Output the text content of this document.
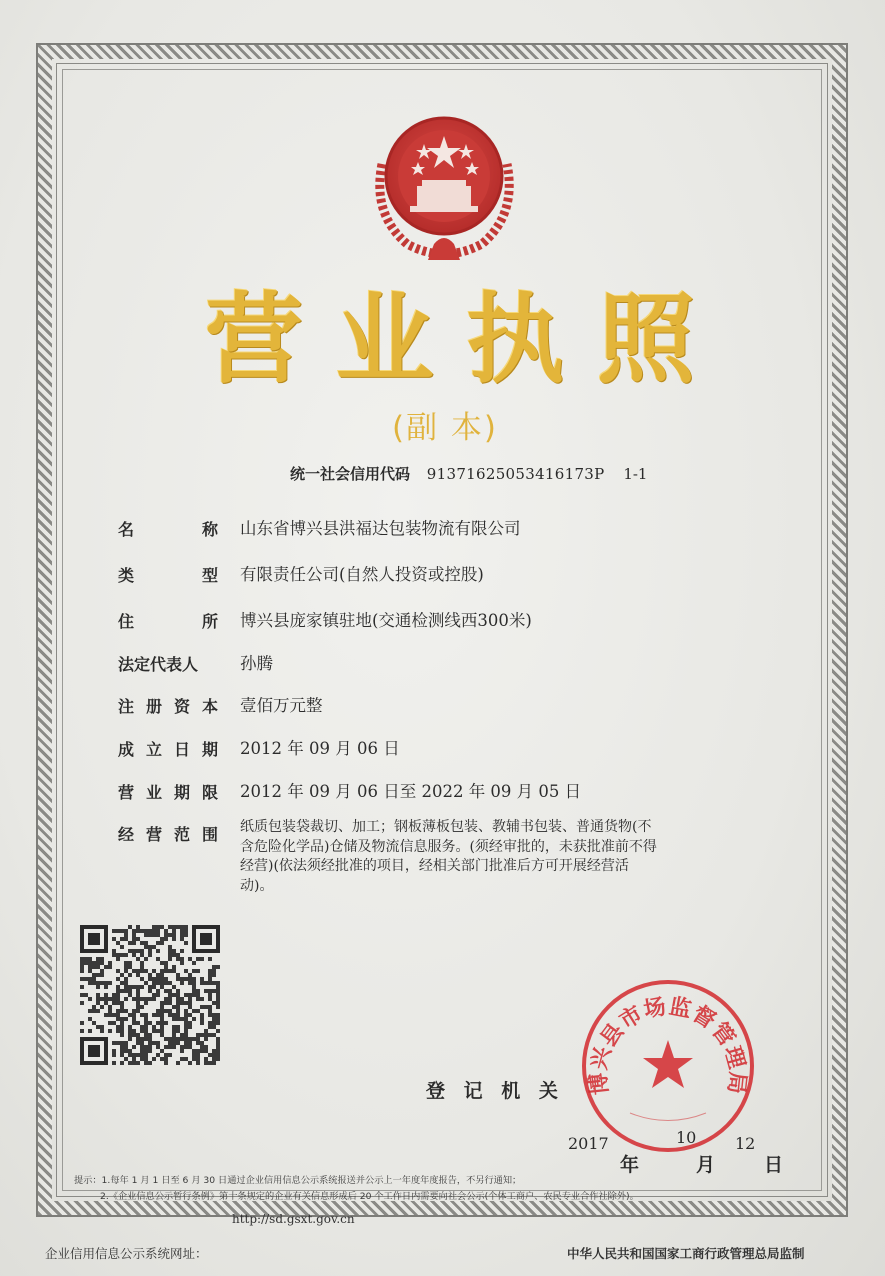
营 业 执 照
(副 本)
统一社会信用代码 91371625053416173P 1-1
名	称 山东省博兴县洪福达包装物流有限公司
类	型 有限责任公司(自然人投资或控股)
住	所 博兴县庞家镇驻地(交通检测线西300米)
法定代表人	孙腾
注 册 资 本 壹佰万元整
成 立 日 期 2012 年 09 月 06 日
营 业 期 限 2012 年 09 月 06 日至 2022 年 09 月 05 日
经 营 范 围 纸质包装袋裁切、加工；钢板薄板包装、教辅书包装、普通货物(不含危险化学品)仓储及物流信息服务。(须经审批的，未获批准前不得经营)(依法须经批准的项目，经相关部门批准后方可开展经营活动)。
登 记 机 关 博兴县市场监督管理局
2017	10 12
年	月	日
提示：1.每年 1 月 1 日至 6 月 30 日通过企业信用信息公示系统报送并公示上一年度年度报告，不另行通知；
2.《企业信息公示暂行条例》第十条规定的企业有关信息形成后 20 个工作日内需要向社会公示(个体工商户、农民专业合作社除外)。
http://sd.gsxt.gov.cn
企业信用信息公示系统网址：	中华人民共和国国家工商行政管理总局监制
